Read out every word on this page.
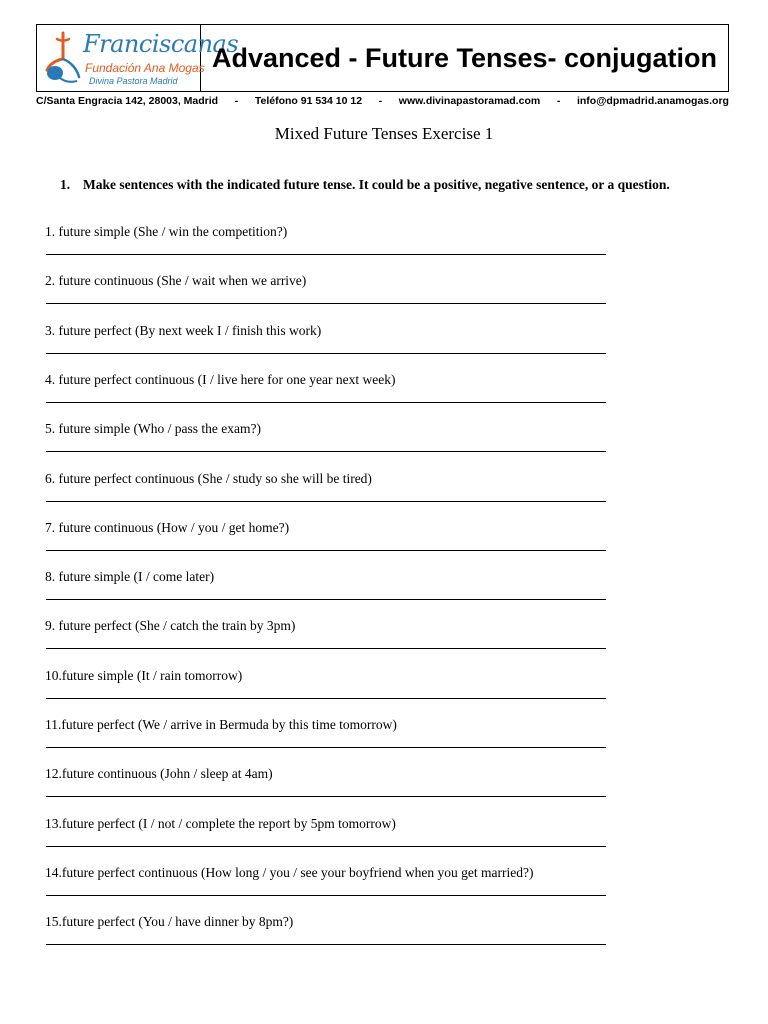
Franciscanas
Fundación Ana Mogas
Divina Pastora Madrid
Advanced - Future Tenses- conjugation
C/Santa Engracia 142, 28003, Madrid - Teléfono 91 534 10 12 - www.divinapastoramad.com - info@dpmadrid.anamogas.org
Mixed Future Tenses Exercise 1
1. Make sentences with the indicated future tense. It could be a positive, negative sentence, or a question.
1. future simple (She / win the competition?)
2. future continuous (She / wait when we arrive)
3. future perfect (By next week I / finish this work)
4. future perfect continuous (I / live here for one year next week)
5. future simple (Who / pass the exam?)
6. future perfect continuous (She / study so she will be tired)
7. future continuous (How / you / get home?)
8. future simple (I / come later)
9. future perfect (She / catch the train by 3pm)
10.future simple (It / rain tomorrow)
11.future perfect (We / arrive in Bermuda by this time tomorrow)
12.future continuous (John / sleep at 4am)
13.future perfect (I / not / complete the report by 5pm tomorrow)
14.future perfect continuous (How long / you / see your boyfriend when you get married?)
15.future perfect (You / have dinner by 8pm?)
